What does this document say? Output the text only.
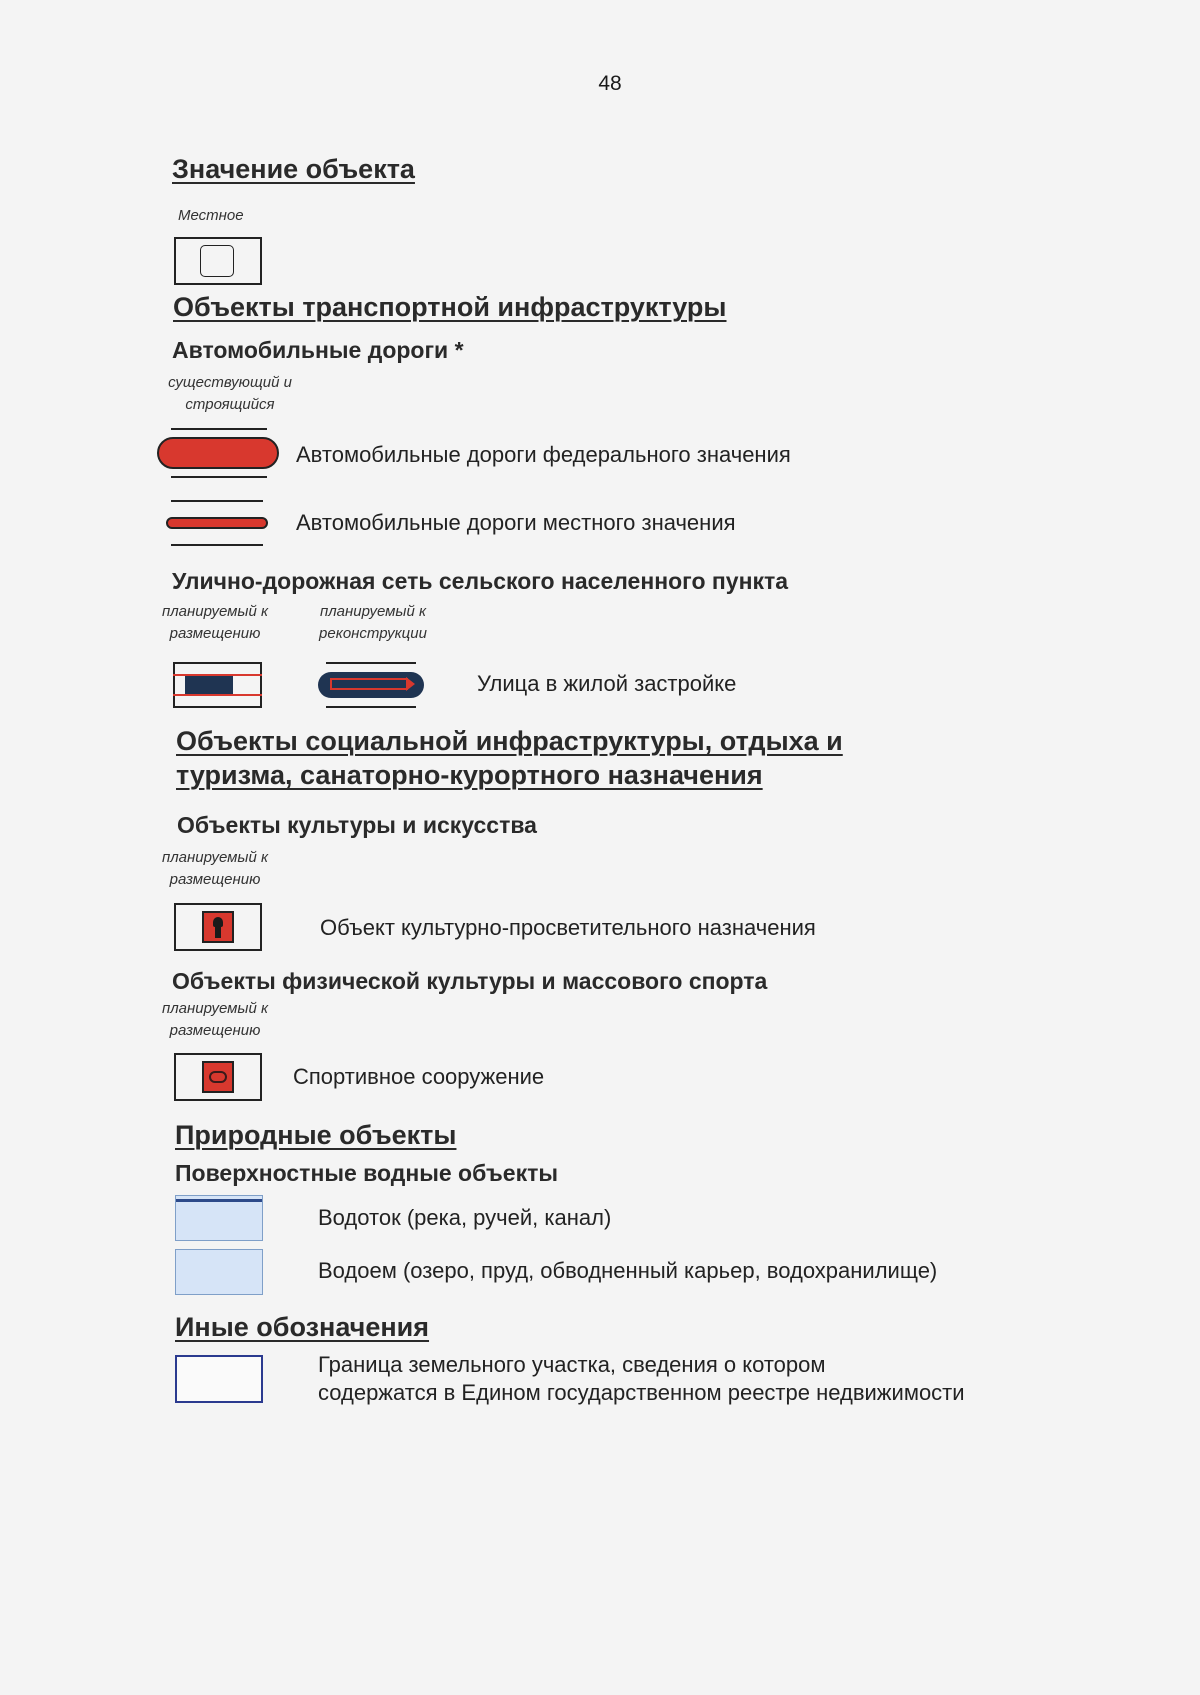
48
Значение объекта
Местное
Объекты транспортной инфраструктуры
Автомобильные дороги *
существующий и
строящийся
Автомобильные дороги федерального значения
Автомобильные дороги местного значения
Улично-дорожная сеть сельского населенного пункта
планируемый к
размещению
планируемый к
реконструкции
Улица в жилой застройке
Объекты социальной инфраструктуры, отдыха и
туризма, санаторно-курортного назначения
Объекты культуры и искусства
планируемый к
размещению
Объект культурно-просветительного назначения
Объекты физической культуры и массового спорта
планируемый к
размещению
Спортивное сооружение
Природные объекты
Поверхностные водные объекты
Водоток (река, ручей, канал)
Водоем (озеро, пруд, обводненный карьер, водохранилище)
Иные обозначения
Граница земельного участка, сведения о котором
содержатся в Едином государственном реестре недвижимости
